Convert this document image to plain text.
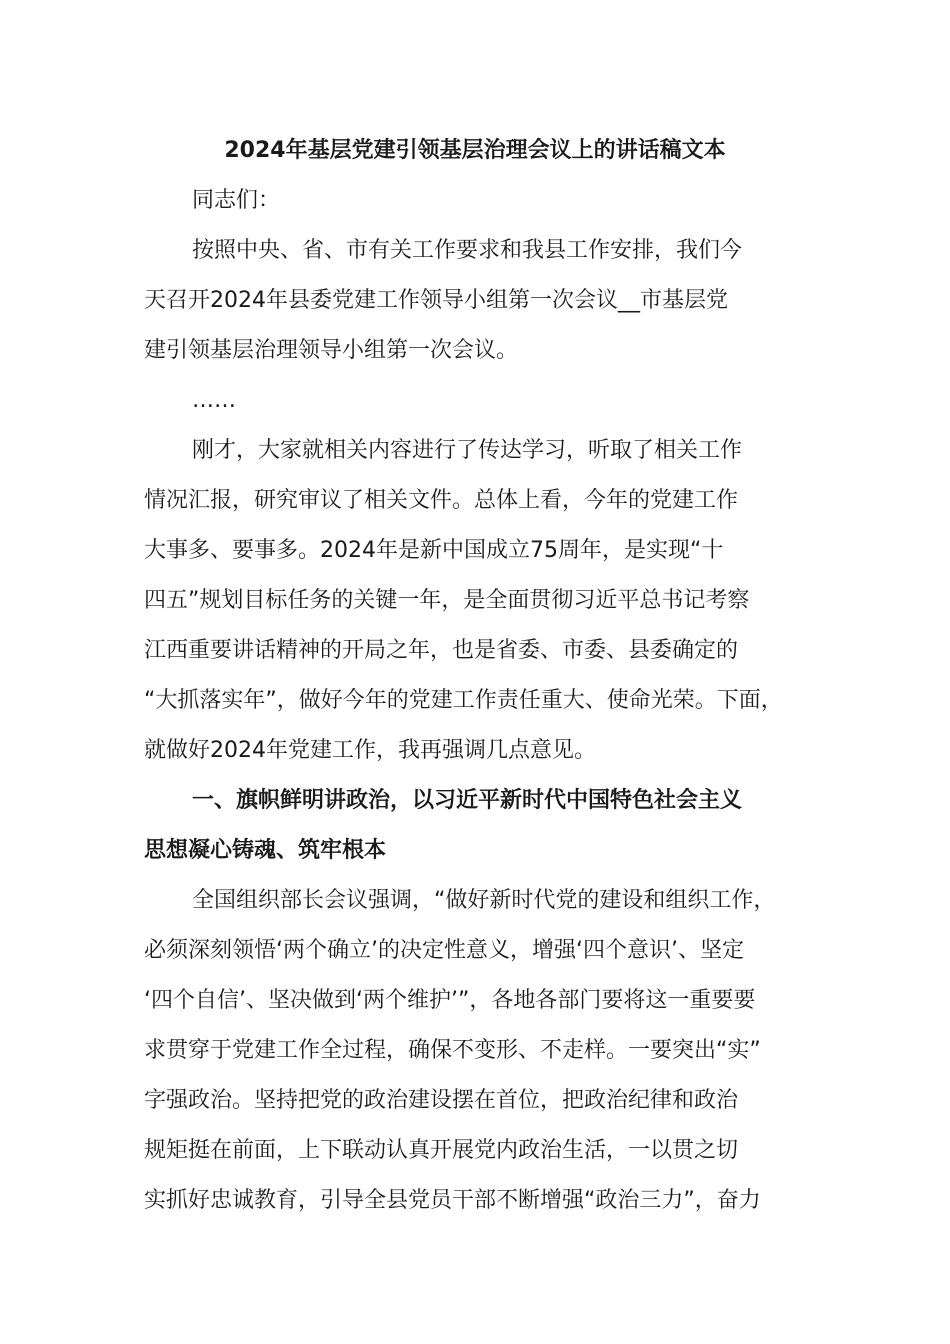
2024年基层党建引领基层治理会议上的讲话稿文本
同志们：
按照中央、省、市有关工作要求和我县工作安排，我们今
天召开2024年县委党建工作领导小组第一次会议__市基层党
建引领基层治理领导小组第一次会议。
……
刚才，大家就相关内容进行了传达学习，听取了相关工作
情况汇报，研究审议了相关文件。总体上看，今年的党建工作
大事多、要事多。2024年是新中国成立75周年，是实现“十
四五”规划目标任务的关键一年，是全面贯彻习近平总书记考察
江西重要讲话精神的开局之年，也是省委、市委、县委确定的
“大抓落实年”，做好今年的党建工作责任重大、使命光荣。下面，
就做好2024年党建工作，我再强调几点意见。
一、旗帜鲜明讲政治，以习近平新时代中国特色社会主义
思想凝心铸魂、筑牢根本
全国组织部长会议强调，“做好新时代党的建设和组织工作，
必须深刻领悟‘两个确立’的决定性意义，增强‘四个意识’、坚定
‘四个自信’、坚决做到‘两个维护’”，各地各部门要将这一重要要
求贯穿于党建工作全过程，确保不变形、不走样。一要突出“实”
字强政治。坚持把党的政治建设摆在首位，把政治纪律和政治
规矩挺在前面，上下联动认真开展党内政治生活，一以贯之切
实抓好忠诚教育，引导全县党员干部不断增强“政治三力”，奋力
